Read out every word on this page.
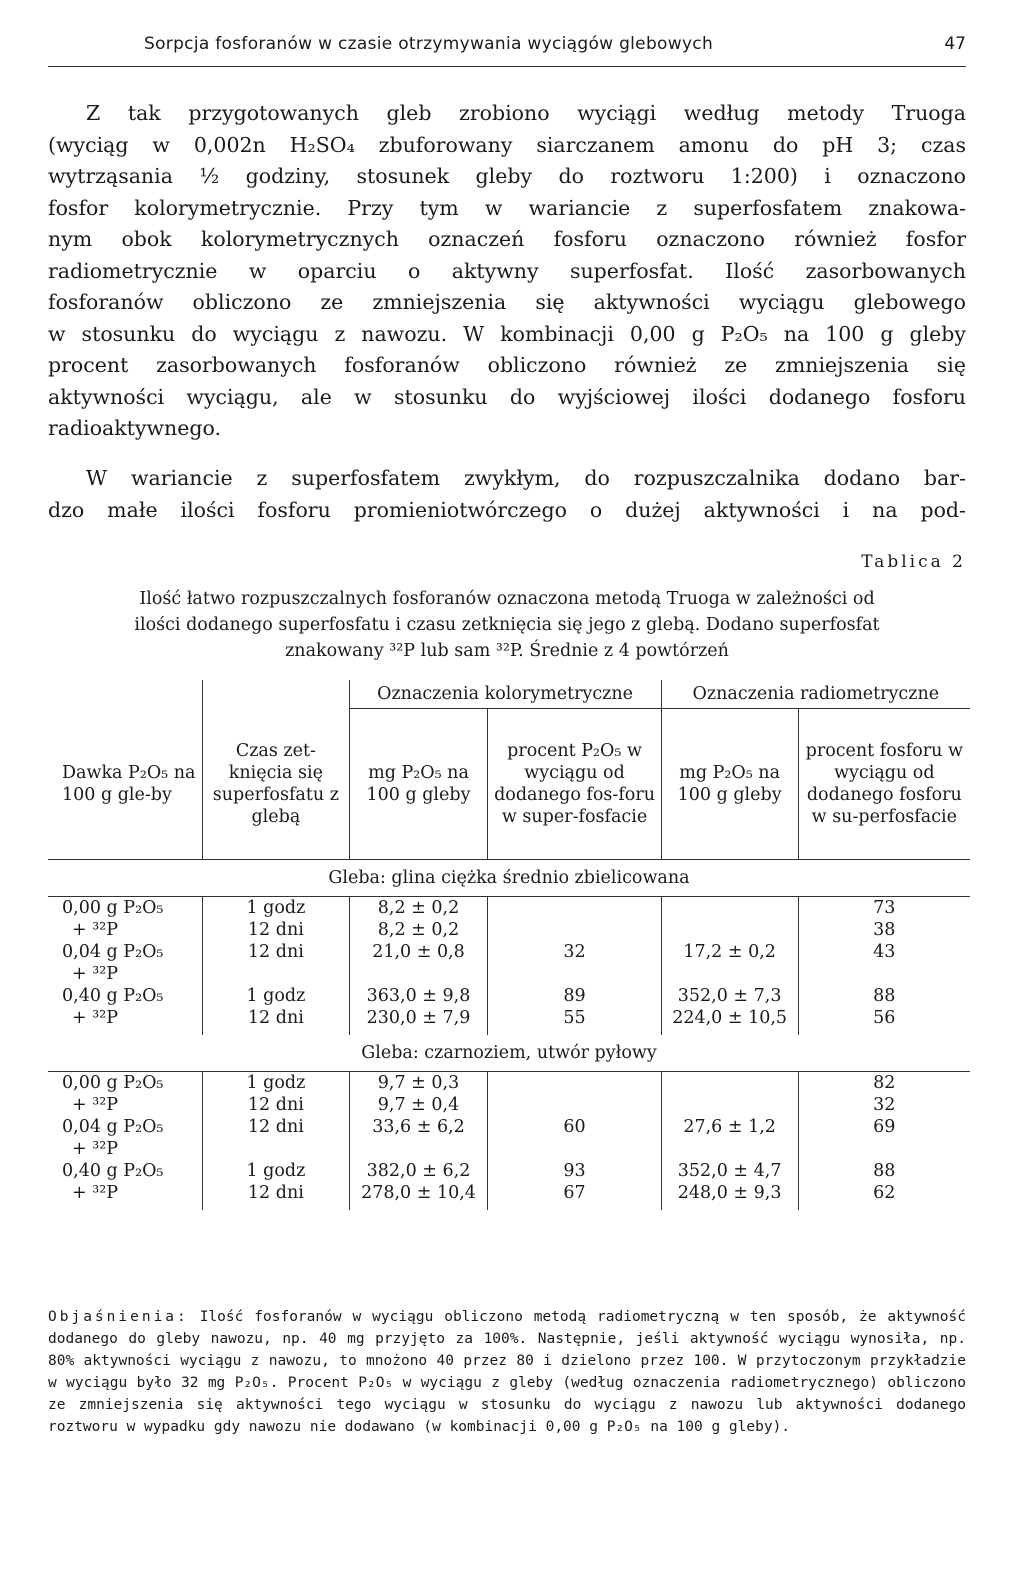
Sorpcja fosforanów w czasie otrzymywania wyciągów glebowych	47
Z tak przygotowanych gleb zrobiono wyciągi według metody Truoga
(wyciąg w 0,002n H₂SO₄ zbuforowany siarczanem amonu do pH 3; czas
wytrząsania ½ godziny, stosunek gleby do roztworu 1:200) i oznaczono
fosfor kolorymetrycznie. Przy tym w wariancie z superfosfatem znakowa-
nym obok kolorymetrycznych oznaczeń fosforu oznaczono również fosfor
radiometrycznie w oparciu o aktywny superfosfat. Ilość zasorbowanych
fosforanów obliczono ze zmniejszenia się aktywności wyciągu glebowego
w stosunku do wyciągu z nawozu. W kombinacji 0,00 g P₂O₅ na 100 g gleby
procent zasorbowanych fosforanów obliczono również ze zmniejszenia się
aktywności wyciągu, ale w stosunku do wyjściowej ilości dodanego fosforu
radioaktywnego.
W wariancie z superfosfatem zwykłym, do rozpuszczalnika dodano bar-
dzo małe ilości fosforu promieniotwórczego o dużej aktywności i na pod-
Tablica 2
Ilość łatwo rozpuszczalnych fosforanów oznaczona metodą Truoga w zależności od
ilości dodanego superfosfatu i czasu zetknięcia się jego z glebą. Dodano superfosfat
znakowany ³²P lub sam ³²P. Średnie z 4 powtórzeń
		Oznaczenia kolorymetryczne		Oznaczenia radiometryczne	
Dawka P₂O₅ na 100 g gle-by	Czas zet-knięcia się superfosfatu z glebą	mg P₂O₅ na 100 g gleby	procent P₂O₅ w wyciągu od dodanego fos-foru w super-fosfacie	mg P₂O₅ na 100 g gleby	procent fosforu w wyciągu od dodanego fosforu w su-perfosfacie
Gleba: glina ciężka średnio zbielicowana					
0,00 g P₂O₅	1 godz	8,2 ± 0,2			73
+ ³²P	12 dni	8,2 ± 0,2			38
0,04 g P₂O₅	12 dni	21,0 ± 0,8	32	17,2 ± 0,2	43
+ ³²P					
0,40 g P₂O₅	1 godz	363,0 ± 9,8	89	352,0 ± 7,3	88
+ ³²P	12 dni	230,0 ± 7,9	55	224,0 ± 10,5	56
Gleba: czarnoziem, utwór pyłowy					
0,00 g P₂O₅	1 godz	9,7 ± 0,3			82
+ ³²P	12 dni	9,7 ± 0,4			32
0,04 g P₂O₅	12 dni	33,6 ± 6,2	60	27,6 ± 1,2	69
+ ³²P					
0,40 g P₂O₅	1 godz	382,0 ± 6,2	93	352,0 ± 4,7	88
+ ³²P	12 dni	278,0 ± 10,4	67	248,0 ± 9,3	62
Objaśnienia: Ilość fosforanów w wyciągu obliczono metodą radiometryczną w ten sposób, że aktywność dodanego do gleby nawozu, np. 40 mg przyjęto za 100%. Następnie, jeśli aktywność wyciągu wynosiła, np. 80% aktywności wyciągu z nawozu, to mnożono 40 przez 80 i dzielono przez 100. W przytoczonym przykładzie w wyciągu było 32 mg P₂O₅. Procent P₂O₅ w wyciągu z gleby (według oznaczenia radiometrycznego) obliczono ze zmniejszenia się aktywności tego wyciągu w stosunku do wyciągu z nawozu lub aktywności dodanego roztworu w wypadku gdy nawozu nie dodawano (w kombinacji 0,00 g P₂O₅ na 100 g gleby).
